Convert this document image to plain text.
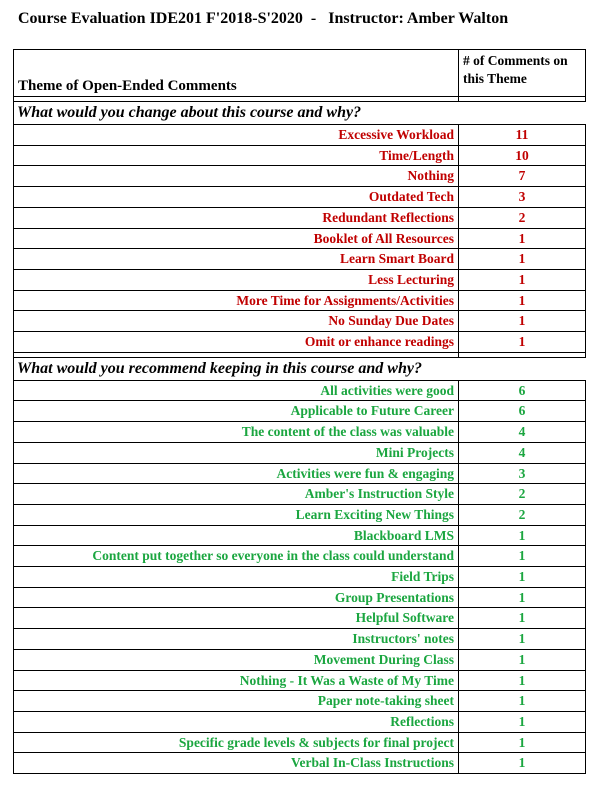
Course Evaluation IDE201 F'2018-S'2020  -   Instructor: Amber Walton
Theme of Open-Ended Comments	# of Comments on this Theme

What would you change about this course and why?	
Excessive Workload	11
Time/Length	10
Nothing	7
Outdated Tech	3
Redundant Reflections	2
Booklet of All Resources	1
Learn Smart Board	1
Less Lecturing	1
More Time for Assignments/Activities	1
No Sunday Due Dates	1
Omit or enhance readings	1

What would you recommend keeping in this course and why?	
All activities were good	6
Applicable to Future Career	6
The content of the class was valuable	4
Mini Projects	4
Activities were fun & engaging	3
Amber's Instruction Style	2
Learn Exciting New Things	2
Blackboard LMS	1
Content put together so everyone in the class could understand	1
Field Trips	1
Group Presentations	1
Helpful Software	1
Instructors' notes	1
Movement During Class	1
Nothing - It Was a Waste of My Time	1
Paper note-taking sheet	1
Reflections	1
Specific grade levels & subjects for final project	1
Verbal In-Class Instructions	1
